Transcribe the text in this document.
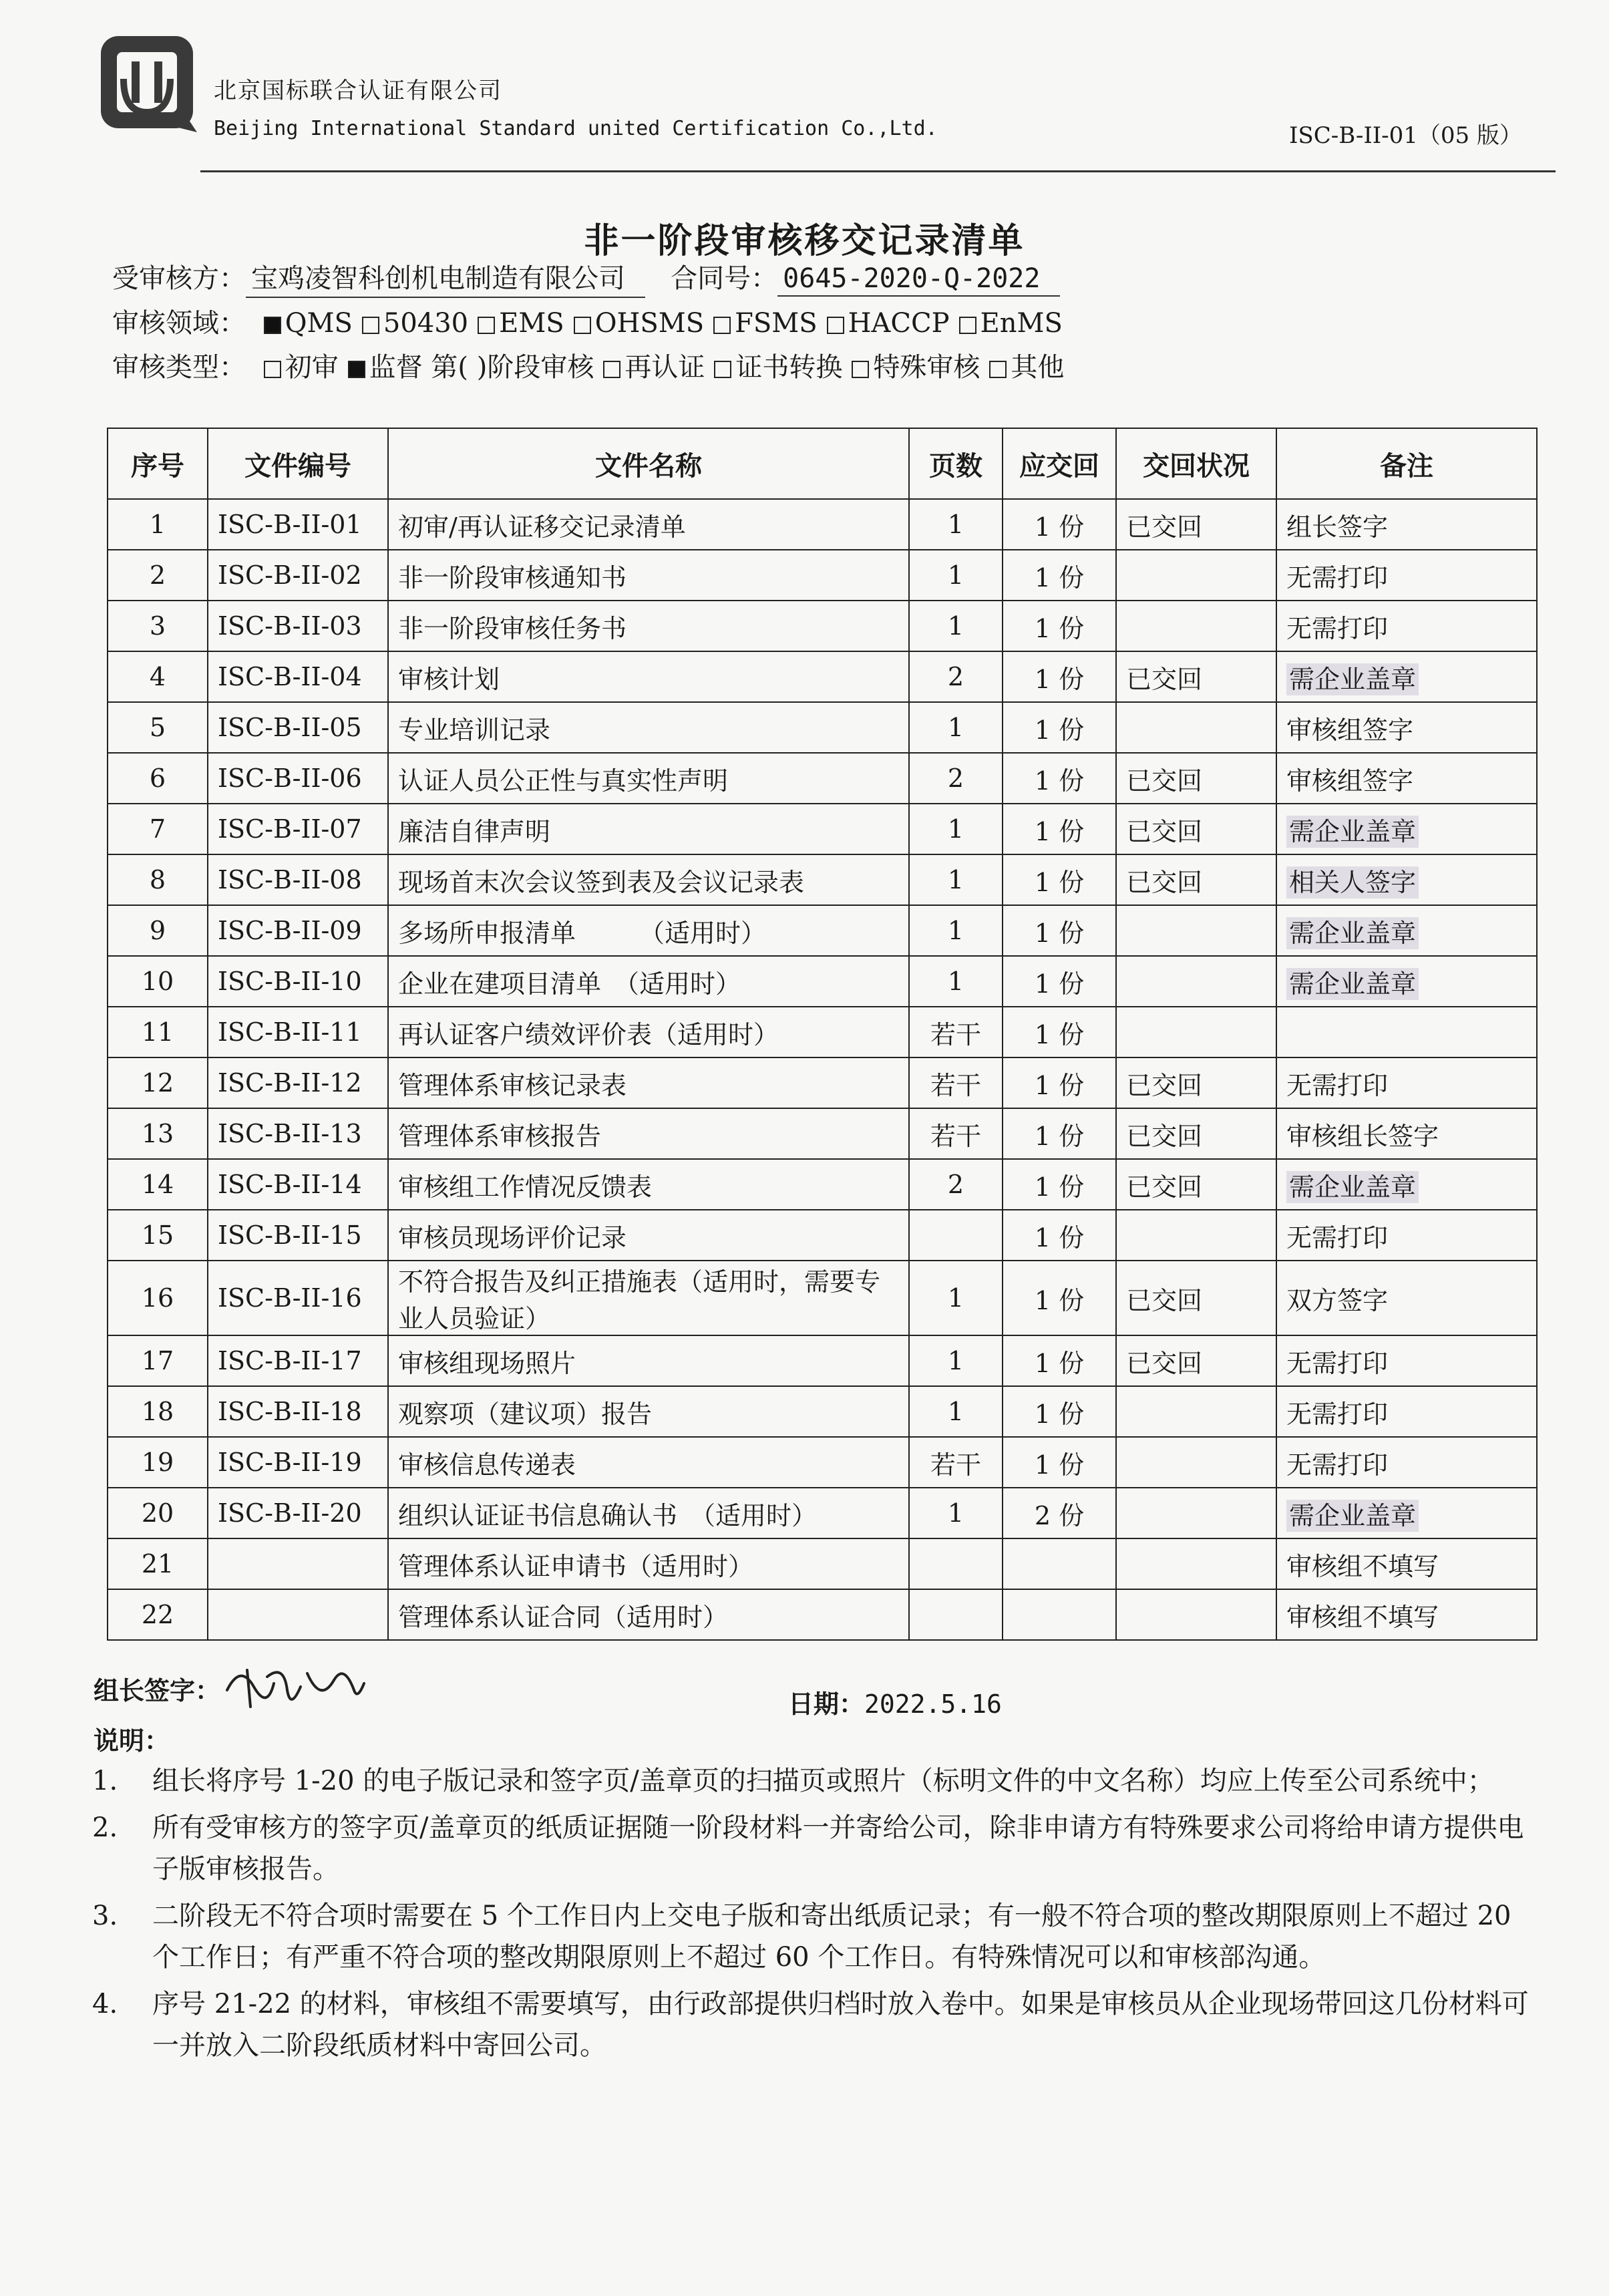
北京国标联合认证有限公司
Beijing International Standard united Certification Co.,Ltd.	ISC-B-II-01（05 版）
非一阶段审核移交记录清单
受审核方： 宝鸡凌智科创机电制造有限公司 合同号： 0645-2020-Q-2022
审核领域： QMS 50430 EMS OHSMS FSMS HACCP EnMS
审核类型： 初审 监督 第( )阶段审核 再认证 证书转换 特殊审核 其他
序号	文件编号	文件名称	页数	应交回	交回状况	备注
1	ISC-B-II-01	初审/再认证移交记录清单	1	1 份	已交回	组长签字
2	ISC-B-II-02	非一阶段审核通知书	1	1 份		无需打印
3	ISC-B-II-03	非一阶段审核任务书	1	1 份		无需打印
4	ISC-B-II-04	审核计划	2	1 份	已交回	需企业盖章
5	ISC-B-II-05	专业培训记录	1	1 份		审核组签字
6	ISC-B-II-06	认证人员公正性与真实性声明	2	1 份	已交回	审核组签字
7	ISC-B-II-07	廉洁自律声明	1	1 份	已交回	需企业盖章
8	ISC-B-II-08	现场首末次会议签到表及会议记录表	1	1 份	已交回	相关人签字
9	ISC-B-II-09	多场所申报清单　　　（适用时）	1	1 份		需企业盖章
10	ISC-B-II-10	企业在建项目清单　（适用时）	1	1 份		需企业盖章
11	ISC-B-II-11	再认证客户绩效评价表（适用时）	若干	1 份		
12	ISC-B-II-12	管理体系审核记录表	若干	1 份	已交回	无需打印
13	ISC-B-II-13	管理体系审核报告	若干	1 份	已交回	审核组长签字
14	ISC-B-II-14	审核组工作情况反馈表	2	1 份	已交回	需企业盖章
15	ISC-B-II-15	审核员现场评价记录		1 份		无需打印
16	ISC-B-II-16	不符合报告及纠正措施表（适用时，需要专业人员验证）	1	1 份	已交回	双方签字
17	ISC-B-II-17	审核组现场照片	1	1 份	已交回	无需打印
18	ISC-B-II-18	观察项（建议项）报告	1	1 份		无需打印
19	ISC-B-II-19	审核信息传递表	若干	1 份		无需打印
20	ISC-B-II-20	组织认证证书信息确认书　（适用时）	1	2 份		需企业盖章
21		管理体系认证申请书（适用时）				审核组不填写
22		管理体系认证合同（适用时）				审核组不填写
组长签字：	日期：2022.5.16
说明：
1.	组长将序号 1-20 的电子版记录和签字页/盖章页的扫描页或照片（标明文件的中文名称）均应上传至公司系统中；
2.	所有受审核方的签字页/盖章页的纸质证据随一阶段材料一并寄给公司，除非申请方有特殊要求公司将给申请方提供电子版审核报告。
3.	二阶段无不符合项时需要在 5 个工作日内上交电子版和寄出纸质记录；有一般不符合项的整改期限原则上不超过 20 个工作日；有严重不符合项的整改期限原则上不超过 60 个工作日。有特殊情况可以和审核部沟通。
4.	序号 21-22 的材料，审核组不需要填写，由行政部提供归档时放入卷中。如果是审核员从企业现场带回这几份材料可一并放入二阶段纸质材料中寄回公司。
